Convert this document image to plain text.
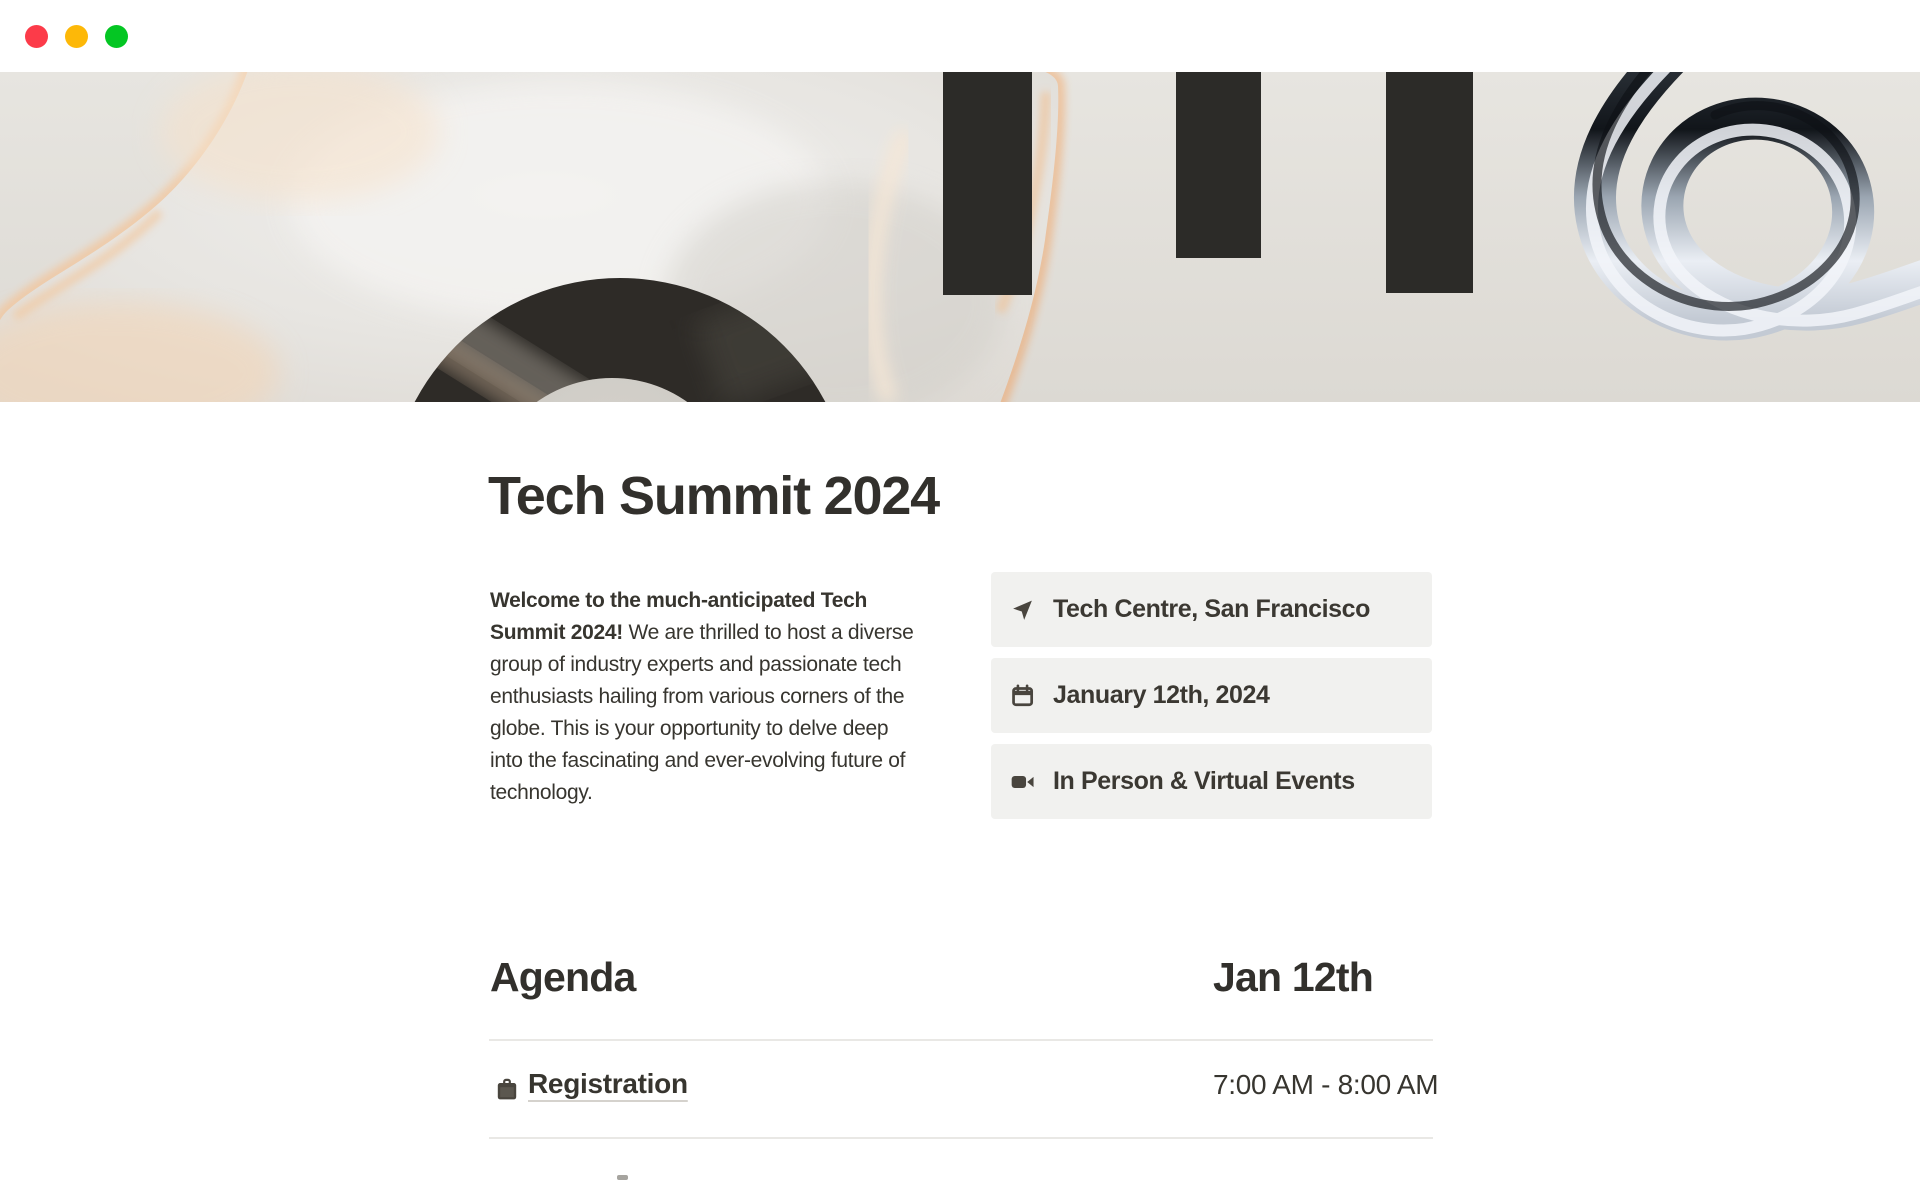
Tech Summit 2024

Welcome to the much-anticipated Tech Summit 2024! We are thrilled to host a diverse group of industry experts and passionate tech enthusiasts hailing from various corners of the globe. This is your opportunity to delve deep into the fascinating and ever-evolving future of technology.

Tech Centre, San Francisco
January 12th, 2024
In Person & Virtual Events
Agenda	Jan 12th
Registration	7:00 AM - 8:00 AM
